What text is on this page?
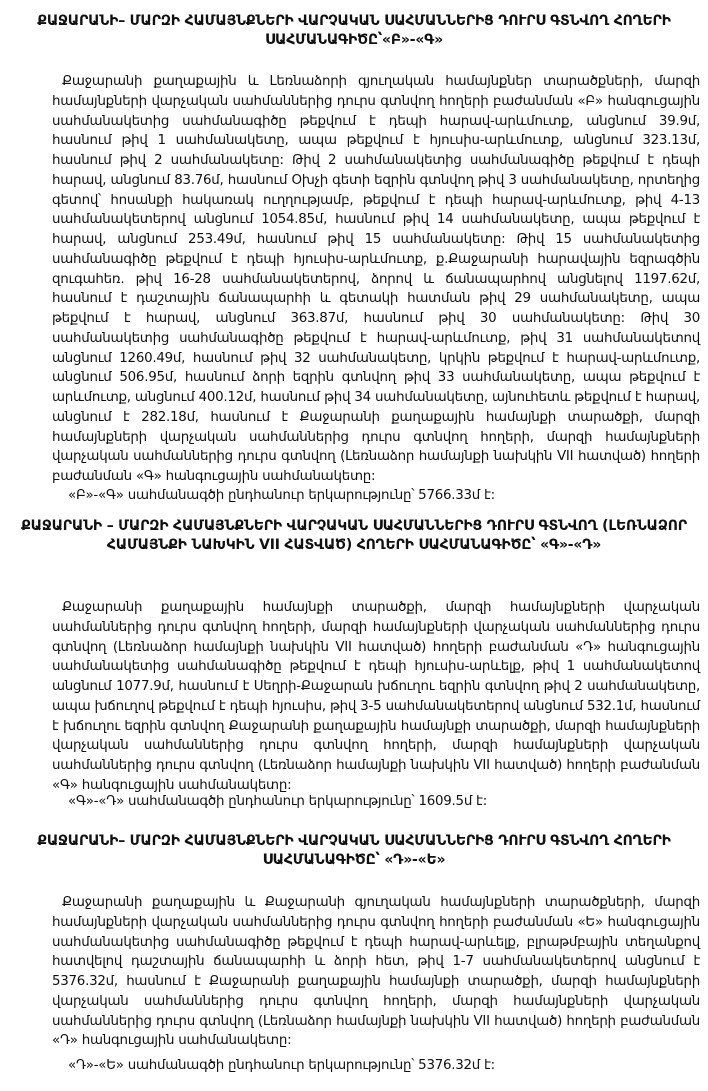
ՔԱՋԱՐԱՆԻ– ՄԱՐԶԻ ՀԱՄԱՅՆՔՆԵՐԻ ՎԱՐՉԱԿԱՆ ՍԱՀՄԱՆՆԵՐԻՑ ԴՈՒՐՍ ԳՏՆՎՈՂ ՀՈՂԵՐԻ ՍԱՀՄԱՆԱԳԻԾԸ՝«Բ»-«Գ»

Քաջարանի քաղաքային և Լեռնաձորի գյուղական համայնքներ տարածքների, մարզի համայնքների վարչական սահմաններից դուրս գտնվող հողերի բաժանման «Բ» հանգուցային սահմանակետից սահմանագիծը թեքվում է դեպի հարավ-արևմուտք, անցնում 39.9մ, հասնում թիվ 1 սահմանակետը, ապա թեքվում է հյուսիս-արևմուտք, անցնում 323.13մ, հասնում թիվ 2 սահմանակետը: Թիվ 2 սահմանակետից սահմանագիծը թեքվում է դեպի հարավ, անցնում 83.76մ, հասնում Օխչի գետի եզրին գտնվող թիվ 3 սահմանակետը, որտեղից գետով՝ հոսանքի հակառակ ուղղությամբ, թեքվում է դեպի հարավ-արևմուտք, թիվ 4-13 սահմանակետերով անցնում 1054.85մ, հասնում թիվ 14 սահմանակետը, ապա թեքվում է հարավ, անցնում 253.49մ, հասնում թիվ 15 սահմանակետը: Թիվ 15 սահմանակետից սահմանագիծը թեքվում է դեպի հյուսիս-արևմուտք, ք.Քաջարանի հարավային եզրագծին զուգահեռ. թիվ 16-28 սահմանակետերով, ձորով և ճանապարհով անցնելով 1197.62մ, հասնում է դաշտային ճանապարհի և գետակի հատման թիվ 29 սահմանակետը, ապա թեքվում է հարավ, անցնում 363.87մ, հասնում թիվ 30 սահմանակետը: Թիվ 30 սահմանակետից սահմանագիծը թեքվում է հարավ-արևմուտք, թիվ 31 սահմանակետով անցնում 1260.49մ, հասնում թիվ 32 սահմանակետը, կրկին թեքվում է հարավ-արևմուտք, անցնում 506.95մ, հասնում ձորի եզրին գտնվող թիվ 33 սահմանակետը, ապա թեքվում է արևմուտք, անցնում 400.12մ, հասնում թիվ 34 սահմանակետը, այնուհետև թեքվում է հարավ, անցնում է 282.18մ, հասնում է Քաջարանի քաղաքային համայնքի տարածքի, մարզի համայնքների վարչական սահմաններից դուրս գտնվող հողերի, մարզի համայնքների վարչական սահմաններից դուրս գտնվող (Լեռնաձոր համայնքի նախկին VII հատված) հողերի բաժանման «Գ» հանգուցային սահմանակետը:

«Բ»-«Գ» սահմանագծի ընդհանուր երկարությունը՝ 5766.33մ է:
ՔԱՋԱՐԱՆԻ – ՄԱՐԶԻ ՀԱՄԱՅՆՔՆԵՐԻ ՎԱՐՉԱԿԱՆ ՍԱՀՄԱՆՆԵՐԻՑ ԴՈՒՐՍ ԳՏՆՎՈՂ (ԼԵՌՆԱՁՈՐ ՀԱՄԱՅՆՔԻ ՆԱԽԿԻՆ VII ՀԱՏՎԱԾ) ՀՈՂԵՐԻ ՍԱՀՄԱՆԱԳԻԾԸ՝ «Գ»-«Դ»

Քաջարանի քաղաքային համայնքի տարածքի, մարզի համայնքների վարչական սահմաններից դուրս գտնվող հողերի, մարզի համայնքների վարչական սահմաններից դուրս գտնվող (Լեռնաձոր համայնքի նախկին VII հատված) հողերի բաժանման «Դ» հանգուցային սահմանակետից սահմանագիծը թեքվում է դեպի հյուսիս-արևելք, թիվ 1 սահմանակետով անցնում 1077.9մ, հասնում է Սեղրի-Քաջարան խճուղու եզրին գտնվող թիվ 2 սահմանակետը, ապա խճուղով թեքվում է դեպի հյուսիս, թիվ 3-5 սահմանակետերով անցնում 532.1մ, հասնում է խճուղու եզրին գտնվող Քաջարանի քաղաքային համայնքի տարածքի, մարզի համայնքների վարչական սահմաններից դուրս գտնվող հողերի, մարզի համայնքների վարչական սահմաններից դուրս գտնվող (Լեռնաձոր համայնքի նախկին VII հատված) հողերի բաժանման «Գ» հանգուցային սահմանակետը:

«Գ»-«Դ» սահմանագծի ընդհանուր երկարությունը՝ 1609.5մ է:
ՔԱՋԱՐԱՆԻ– ՄԱՐԶԻ ՀԱՄԱՅՆՔՆԵՐԻ ՎԱՐՉԱԿԱՆ ՍԱՀՄԱՆՆԵՐԻՑ ԴՈՒՐՍ ԳՏՆՎՈՂ ՀՈՂԵՐԻ ՍԱՀՄԱՆԱԳԻԾԸ՝ «Դ»-«Ե»

Քաջարանի քաղաքային և Քաջարանի գյուղական համայնքների տարածքների, մարզի համայնքների վարչական սահմաններից դուրս գտնվող հողերի բաժանման «Ե» հանգուցային սահմանակետից սահմանագիծը թեքվում է դեպի հարավ-արևելք, բլրաթմբային տեղանքով հատվելով դաշտային ճանապարհի և ձորի հետ, թիվ 1-7 սահմանակետերով անցնում է 5376.32մ, հասնում է Քաջարանի քաղաքային համայնքի տարածքի, մարզի համայնքների վարչական սահմաններից դուրս գտնվող հողերի, մարզի համայնքների վարչական սահմաններից դուրս գտնվող (Լեռնաձոր համայնքի նախկին VII հատված) հողերի բաժանման «Դ» հանգուցային սահմանակետը:

«Դ»-«Ե» սահմանագծի ընդհանուր երկարությունը՝ 5376.32մ է:
